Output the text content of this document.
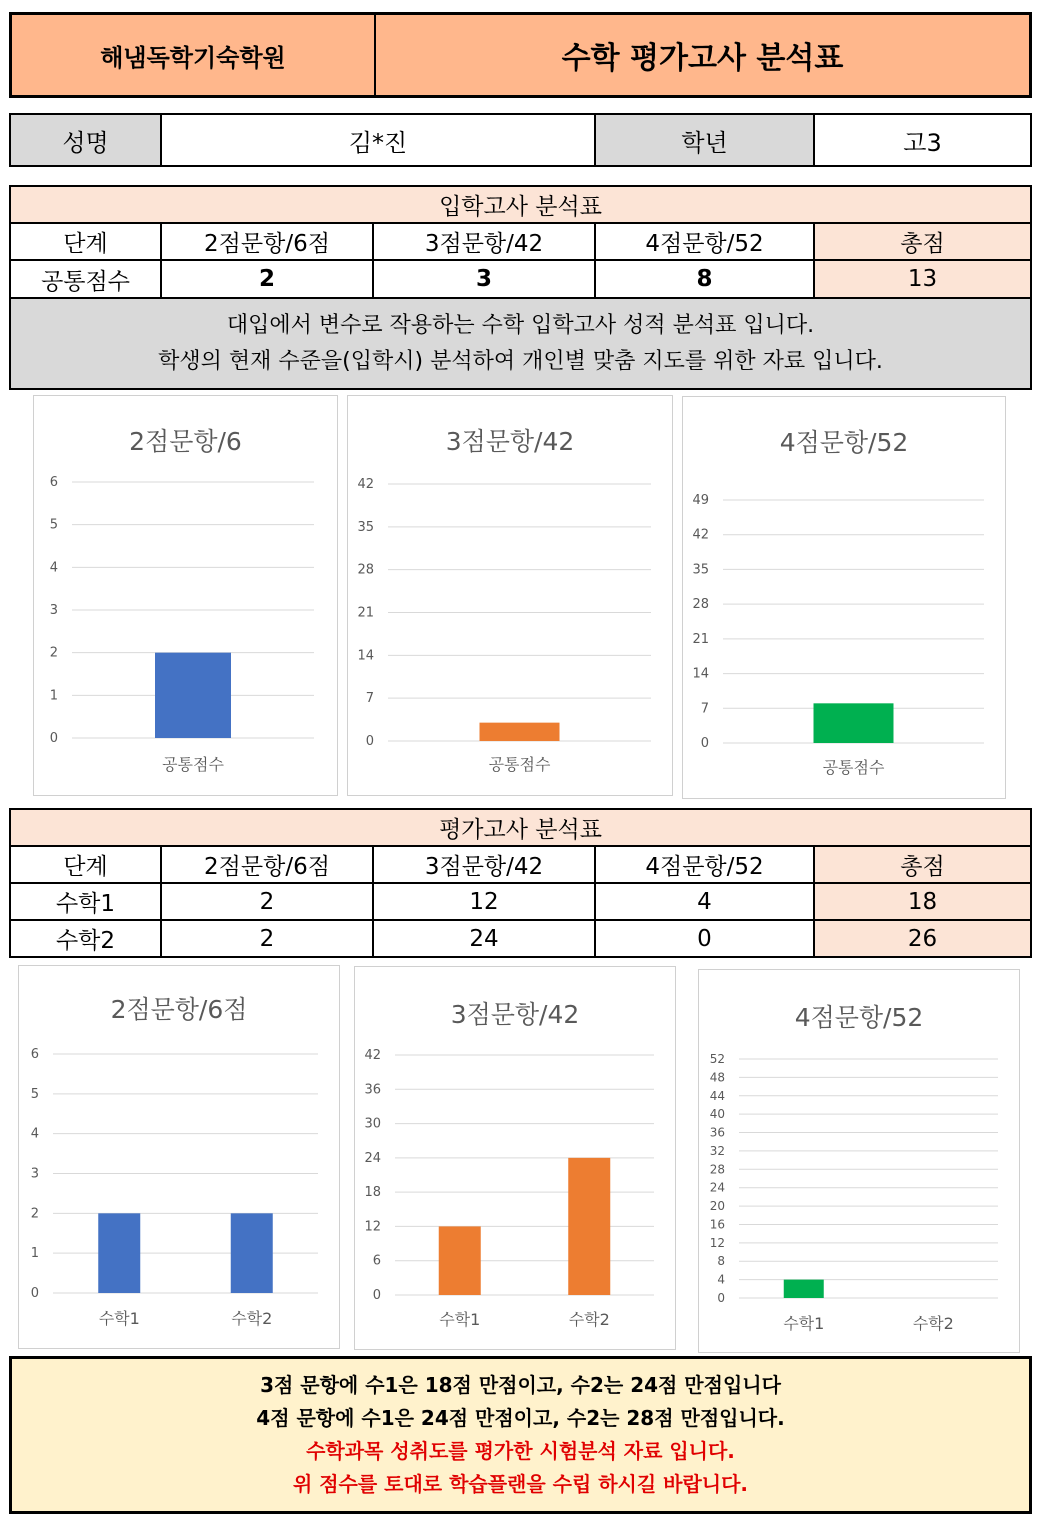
해냄독학기숙학원	수학 평가고사 분석표
성명	김*진	학년	고3
입학고사 분석표				
단계	2점문항/6점	3점문항/42	4점문항/52	총점
공통점수	2	3	8	13
대입에서 변수로 작용하는 수학 입학고사 성적 분석표 입니다.
학생의 현재 수준을(입학시) 분석하여 개인별 맞춤 지도를 위한 자료 입니다.
0
1
2
3
4
5
6
공통점수
2점문항/6
0
7
14
21
28
35
42
공통점수
3점문항/42
0
7
14
21
28
35
42
49
공통점수
4점문항/52
평가고사 분석표				
단계	2점문항/6점	3점문항/42	4점문항/52	총점
수학1	2	12	4	18
수학2	2	24	0	26
0
1
2
3
4
5
6
수학1	수학2
2점문항/6점
0
6
12
18
24
30
36
42
수학1	수학2
3점문항/42
0
4
8
12
16
20
24
28
32
36
40
44
48
52
수학1	수학2
4점문항/52
3점 문항에 수1은 18점 만점이고, 수2는 24점 만점입니다
4점 문항에 수1은 24점 만점이고, 수2는 28점 만점입니다.
수학과목 성취도를 평가한 시험분석 자료 입니다.
위 점수를 토대로 학습플랜을 수립 하시길 바랍니다.
